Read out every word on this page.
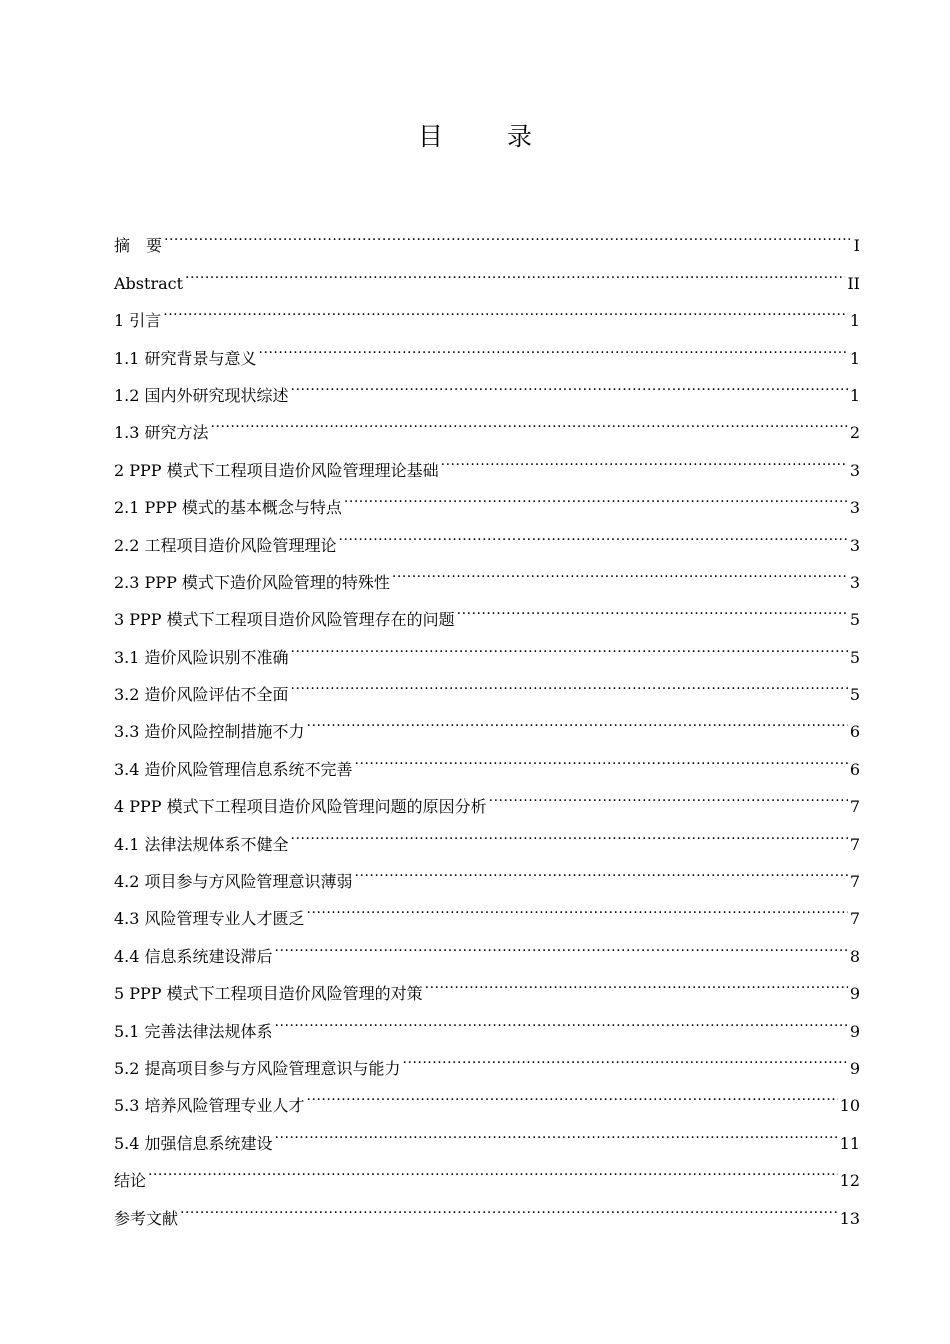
目 录
摘　要 .....	I
Abstract .....	II
1 引言 .....	1
1.1 研究背景与意义 .....	1
1.2 国内外研究现状综述 .....	1
1.3 研究方法 .....	2
2 PPP 模式下工程项目造价风险管理理论基础 .....	3
2.1 PPP 模式的基本概念与特点 .....	3
2.2 工程项目造价风险管理理论 .....	3
2.3 PPP 模式下造价风险管理的特殊性 .....	3
3 PPP 模式下工程项目造价风险管理存在的问题 .....	5
3.1 造价风险识别不准确 .....	5
3.2 造价风险评估不全面 .....	5
3.3 造价风险控制措施不力 .....	6
3.4 造价风险管理信息系统不完善 .....	6
4 PPP 模式下工程项目造价风险管理问题的原因分析 .....	7
4.1 法律法规体系不健全 .....	7
4.2 项目参与方风险管理意识薄弱 .....	7
4.3 风险管理专业人才匮乏 .....	7
4.4 信息系统建设滞后 .....	8
5 PPP 模式下工程项目造价风险管理的对策 .....	9
5.1 完善法律法规体系 .....	9
5.2 提高项目参与方风险管理意识与能力 .....	9
5.3 培养风险管理专业人才 .....	10
5.4 加强信息系统建设 .....	11
结论 .....	12
参考文献 .....	13
